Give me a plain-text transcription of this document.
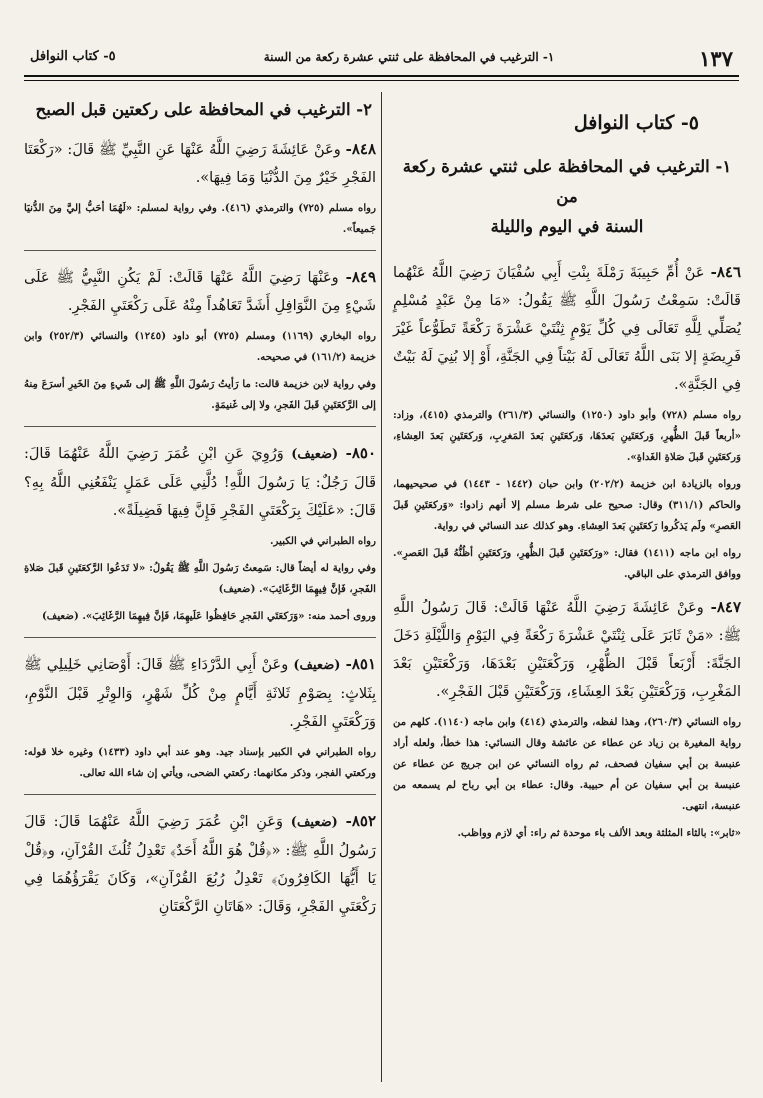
١٣٧
١- الترغيب في المحافظة على ثنتي عشرة ركعة من السنة
٥- كتاب النوافل
٥- كتاب النوافل
١- الترغيب في المحافظة على ثنتي عشرة ركعة من
السنة في اليوم والليلة

٨٤٦- عَنْ أُمِّ حَبِيبَةَ رَمْلَةَ بِنْتِ أَبِي سُفْيَانَ رَضِيَ اللَّهُ عَنْهُما قَالَتْ: سَمِعْتُ رَسُولَ اللَّهِ ﷺ يَقُولُ: «مَا مِنْ عَبْدٍ مُسْلِمٍ يُصَلِّي لِلَّهِ تَعَالَى فِي كُلِّ يَوْمٍ ثِنْتَيْ عَشْرَةَ رَكْعَةً تَطَوُّعاً غَيْرَ فَرِيضَةٍ إلا بَنَى اللَّهُ تَعَالَى لَهُ بَيْتاً فِي الجَنَّةِ، أَوْ إلا بُنِيَ لَهُ بَيْتٌ فِي الجَنَّةِ».

رواه مسلم (٧٢٨) وأبو داود (١٢٥٠) والنسائي (٢٦١/٣) والترمذي (٤١٥)، وزاد: «أربعاً قَبلَ الظُّهرِ، وَركعَتَينِ بَعدَهَا، وَركعَتَينِ بَعدَ المَغرِبِ، وَركعَتَينِ بَعدَ العِشاءِ، وَركعَتَينِ قَبلَ صَلاةِ الغَداةِ».

ورواه بالزيادة ابن خزيمة (٢٠٢/٢) وابن حبان (١٤٤٢ - ١٤٤٣) في صحيحيهما، والحاكم (٣١١/١) وقال: صحيح على شرط مسلم إلا أنهم زادوا: «وَركعَتَينِ قَبلَ العَصرِ» ولَم يَذكُروا رَكعَتَينِ بَعدَ العِشاءِ. وهو كذلك عند النسائي في رواية.

رواه ابن ماجه (١٤١١) فقال: «ورَكعَتَينِ قَبلَ الظُّهرِ، ورَكعَتَينِ أظُنُّهُ قَبلَ العَصرِ». ووافق الترمذي على الباقي.

٨٤٧- وعَنْ عَائِشَةَ رَضِيَ اللَّهُ عَنْهَا قَالَتْ: قَالَ رَسُولُ اللَّهِ ﷺ: «مَنْ ثَابَرَ عَلَى ثِنْتَيْ عَشْرَةَ رَكْعَةً فِي اليَوْمِ وَاللَّيْلَةِ دَخَلَ الجَنَّةَ: أَرْبَعاً قَبْلَ الظُّهْرِ، وَرَكْعَتَيْنِ بَعْدَهَا، وَرَكْعَتَيْنِ بَعْدَ المَغْرِبِ، وَرَكْعَتَيْنِ بَعْدَ العِشَاءِ، وَرَكْعَتَيْنِ قَبْلَ الفَجْرِ».

رواه النسائي (٢٦٠/٣)، وهذا لفظه، والترمذي (٤١٤) وابن ماجه (١١٤٠). كلهم من رواية المغيرة بن زياد عن عطاء عن عائشة وقال النسائي: هذا خطأ، ولعله أراد عنبسة بن أبي سفيان فصحف، ثم رواه النسائي عن ابن جريج عن عطاء عن عنبسة بن أبي سفيان عن أم حبيبة. وقال: عطاء بن أبي رباح لم يسمعه من عنبسة، انتهى.

«ثابر»: بالثاء المثلثة وبعد الألف باء موحدة ثم راء: أي لازم وواظب.

٢- الترغيب في المحافظة على ركعتين قبل الصبح

٨٤٨- وعَنْ عَائِشَةَ رَضِيَ اللَّهُ عَنْهَا عَنِ النَّبِيِّ ﷺ قَالَ: «رَكْعَتَا الفَجْرِ خَيْرٌ مِنَ الدُّنْيَا وَمَا فِيهَا».

رواه مسلم (٧٢٥) والترمذي (٤١٦). وفي رواية لمسلم: «لَهُمَا أحَبُّ إليَّ مِنَ الدُّنيَا جَميعاً».

٨٤٩- وعَنْهَا رَضِيَ اللَّهُ عَنْهَا قَالَتْ: لَمْ يَكُنِ النَّبِيُّ ﷺ عَلَى شَيْءٍ مِنَ النَّوَافِلِ أَشَدَّ تَعَاهُداً مِنْهُ عَلَى رَكْعَتَيِ الفَجْرِ.

رواه البخاري (١١٦٩) ومسلم (٧٢٥) أبو داود (١٢٤٥) والنسائي (٢٥٢/٣) وابن خزيمة (١٦١/٢) في صحيحه.

وفي رواية لابن خزيمة قالت: ما رَأيتُ رَسُولَ اللَّهِ ﷺ إلى شَيءٍ مِنَ الخَيرِ أسرَعَ مِنهُ إلى الرَّكعَتَينِ قَبلَ الفَجرِ، ولا إلى غَنيمَةٍ.

٨٥٠- (ضعيف) وَرُوِيَ عَنِ ابْنِ عُمَرَ رَضِيَ اللَّهُ عَنْهُمَا قَالَ: قَالَ رَجُلٌ: يَا رَسُولَ اللَّهِ! دُلَّنِي عَلَى عَمَلٍ يَنْفَعُنِي اللَّهُ بِهِ؟ قَالَ: «عَلَيْكَ بِرَكْعَتَيِ الفَجْرِ فَإِنَّ فِيهَا فَضِيلَةً».

رواه الطبراني في الكبير.

وفي رواية له أيضاً قال: سَمِعتُ رَسُولَ اللَّهِ ﷺ يَقُولُ: «لا تَدَعُوا الرَّكعَتَينِ قَبلَ صَلاةِ الفَجرِ، فَإنَّ فِيهِمَا الرَّغَائِبَ». (ضعيف)

وروى أحمد منه: «وَرَكعَتَي الفَجرِ حَافِظُوا عَلَيهِمَا، فَإنَّ فِيهِمَا الرَّغَائِبَ». (ضعيف)

٨٥١- (ضعيف) وعَنْ أَبِي الدَّرْدَاءِ ﷺ قَالَ: أَوْصَانِي خَلِيلِي ﷺ بِثَلاثٍ: بِصَوْمِ ثَلاثَةِ أَيَّامٍ مِنْ كُلِّ شَهْرٍ، وَالوِتْرِ قَبْلَ النَّوْمِ، وَرَكْعَتَيِ الفَجْرِ.

رواه الطبراني في الكبير بإسناد جيد. وهو عند أبي داود (١٤٣٣) وغيره خلا قوله: وركعتي الفجر، وذكر مكانهما: ركعتي الضحى، ويأتي إن شاء الله تعالى.

٨٥٢- (ضعيف) وَعَنِ ابْنِ عُمَرَ رَضِيَ اللَّهُ عَنْهُمَا قَالَ: قَالَ رَسُولُ اللَّهِ ﷺ: «﴿قُلْ هُوَ اللَّهُ أَحَدٌ﴾ تَعْدِلُ ثُلُثَ القُرْآنِ، و﴿قُلْ يَا أَيُّهَا الكَافِرُونَ﴾ تَعْدِلُ رُبُعَ القُرْآنِ»، وَكَانَ يَقْرَؤُهُمَا فِي رَكْعَتَيِ الفَجْرِ، وَقَالَ: «هَاتَانِ الرَّكْعَتَانِ
